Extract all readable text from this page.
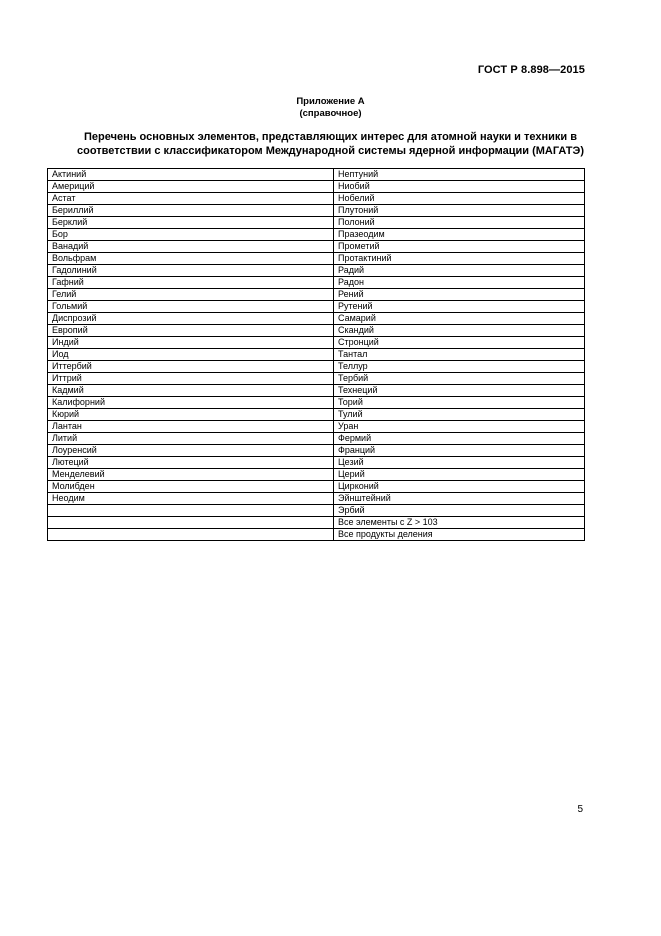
ГОСТ Р 8.898—2015
Приложение А
(справочное)
Перечень основных элементов, представляющих интерес для атомной науки и техники в
соответствии с классификатором Международной системы ядерной информации (МАГАТЭ)
Актиний	Нептуний
Америций	Ниобий
Астат	Нобелий
Бериллий	Плутоний
Берклий	Полоний
Бор	Празеодим
Ванадий	Прометий
Вольфрам	Протактиний
Гадолиний	Радий
Гафний	Радон
Гелий	Рений
Гольмий	Рутений
Диспрозий	Самарий
Европий	Скандий
Индий	Стронций
Иод	Тантал
Иттербий	Теллур
Иттрий	Тербий
Кадмий	Технеций
Калифорний	Торий
Кюрий	Тулий
Лантан	Уран
Литий	Фермий
Лоуренсий	Франций
Лютеций	Цезий
Менделевий	Церий
Молибден	Цирконий
Неодим	Эйнштейний
	Эрбий
	Все элементы с Z > 103
	Все продукты деления
5
